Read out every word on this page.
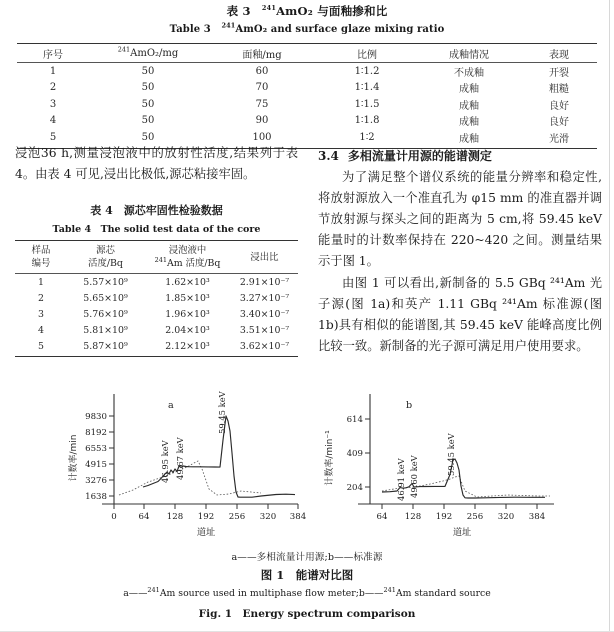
表 3 $^{241}$AmO₂ 与面釉掺和比
Table 3 $^{241}$AmO₂ and surface glaze mixing ratio
序号	$^{241}$AmO₂/mg	面釉/mg	比例	成釉情况	表现
1	50	60	1∶1.2	不成釉	开裂
2	50	70	1∶1.4	成釉	粗糙
3	50	75	1∶1.5	成釉	良好
4	50	90	1∶1.8	成釉	良好
5	50	100	1∶2	成釉	光滑
浸泡36 h,测量浸泡液中的放射性活度,结果列于表 4。由表 4 可见,浸出比极低,源芯粘接牢固。
表 4　源芯牢固性检验数据
Table 4　The solid test data of the core
样品
编号

源芯
活度/Bq

浸泡液中
$^{241}$Am 活度/Bq

浸出比

1	5.57×10⁹	1.62×10³	2.91×10⁻⁷
2	5.65×10⁹	1.85×10³	3.27×10⁻⁷
3	5.76×10⁹	1.96×10³	3.40×10⁻⁷
4	5.81×10⁹	2.04×10³	3.51×10⁻⁷
5	5.87×10⁹	2.12×10³	3.62×10⁻⁷
3.4 多相流量计用源的能谱测定
为了满足整个谱仪系统的能量分辨率和稳定性,将放射源放入一个准直孔为 φ15 mm 的准直器并调节放射源与探头之间的距离为 5 cm,将 59.45 keV 能量时的计数率保持在 220~420 之间。测量结果示于图 1。
由图 1 可以看出,新制备的 5.5 GBq ²⁴¹Am 光子源(图 1a)和英产 1.11 GBq ²⁴¹Am 标准源(图 1b)具有相似的能谱图,其 59.45 keV 能峰高度比例比较一致。新制备的光子源可满足用户使用要求。
1638
3276
4915
6553
8192
9830
0	64 128 192 256 320 384
计数率/min
道址
a
46.95 keV 49.67 keV
59.45 keV
204
409
614
64 128 192 256 320 384
计数率/min⁻¹
道址
b
46.91 keV 49.60 keV
59.45 keV
a——多相流量计用源;b——标准源
图 1　能谱对比图
a——$^{241}$Am source used in multiphase flow meter;b——$^{241}$Am standard source
Fig. 1　Energy spectrum comparison
